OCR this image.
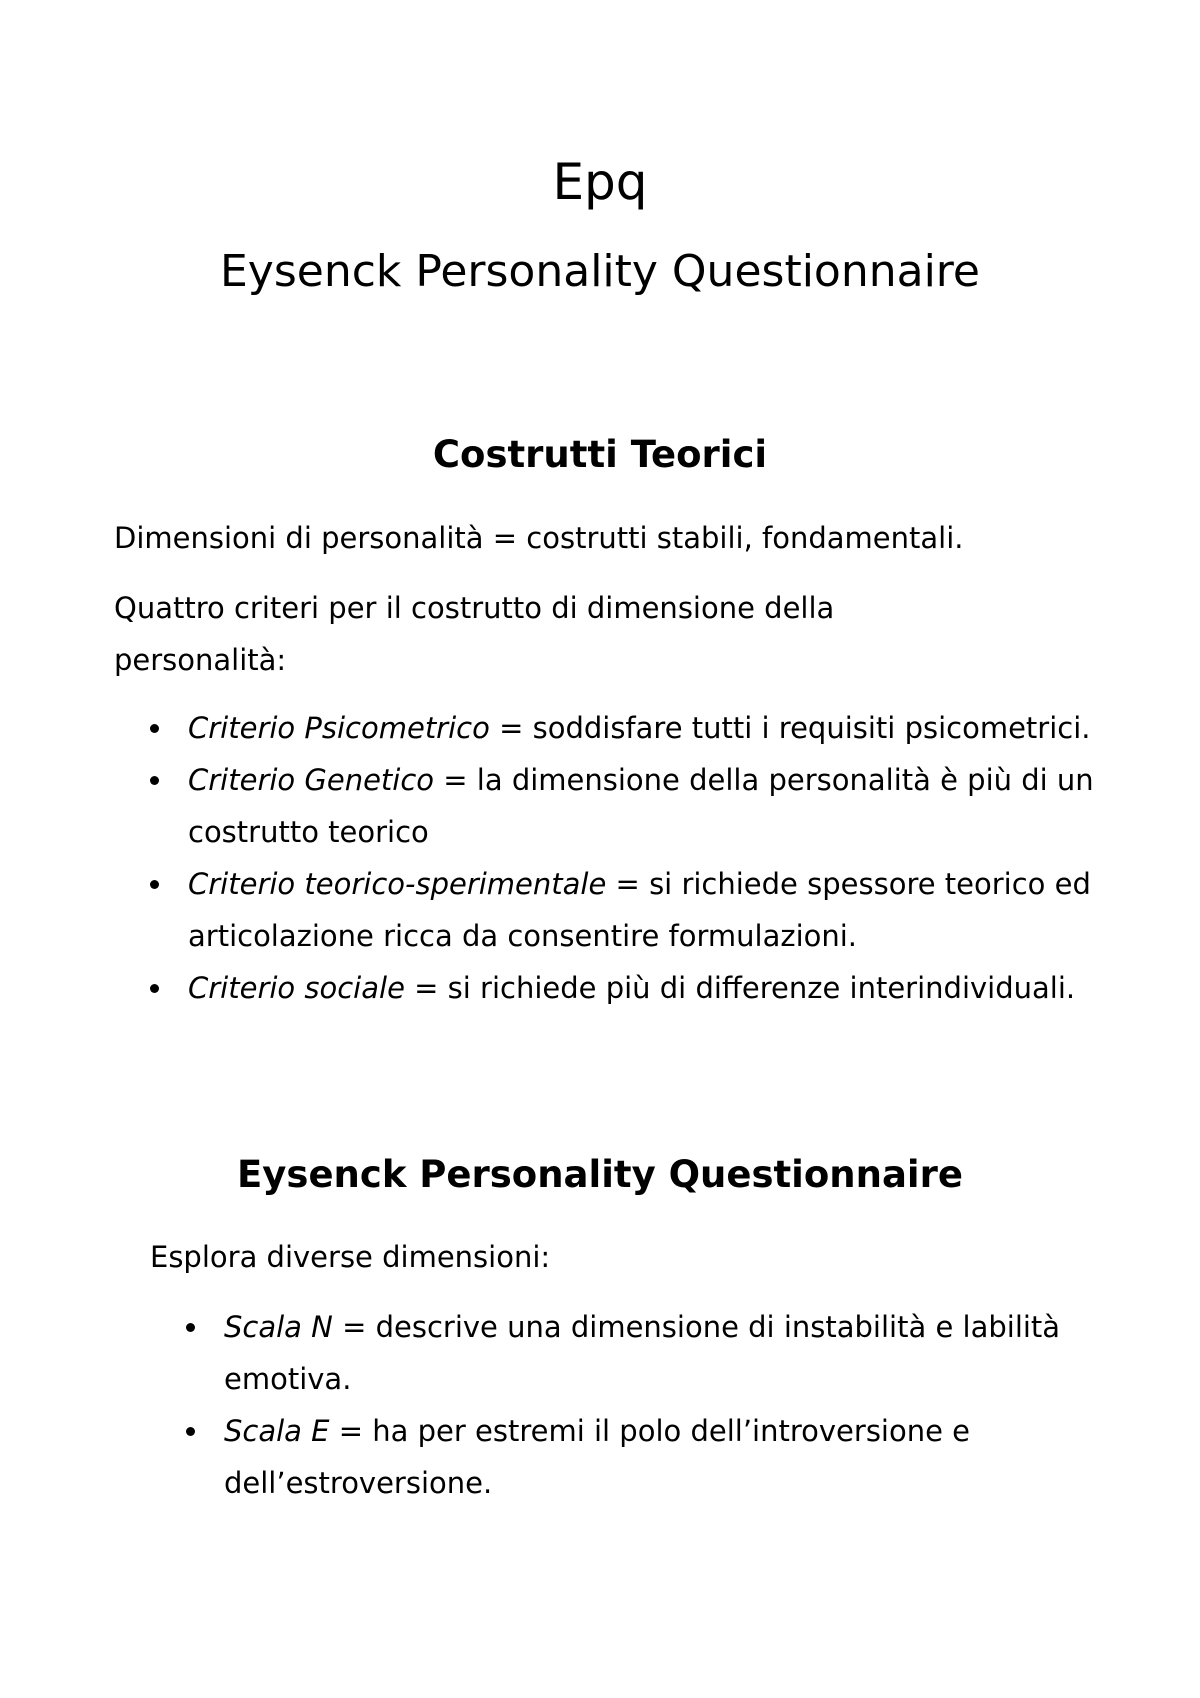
Epq
Eysenck Personality Questionnaire
Costrutti Teorici

Dimensioni di personalità = costrutti stabili, fondamentali.

Quattro criteri per il costrutto di dimensione della personalità:

Criterio Psicometrico = soddisfare tutti i requisiti psicometrici.
Criterio Genetico = la dimensione della personalità è più di un costrutto teorico
Criterio teorico-sperimentale = si richiede spessore teorico ed articolazione ricca da consentire formulazioni.
Criterio sociale = si richiede più di differenze interindividuali.
Eysenck Personality Questionnaire

Esplora diverse dimensioni:

Scala N = descrive una dimensione di instabilità e labilità emotiva.
Scala E = ha per estremi il polo dell’introversione e dell’estroversione.
